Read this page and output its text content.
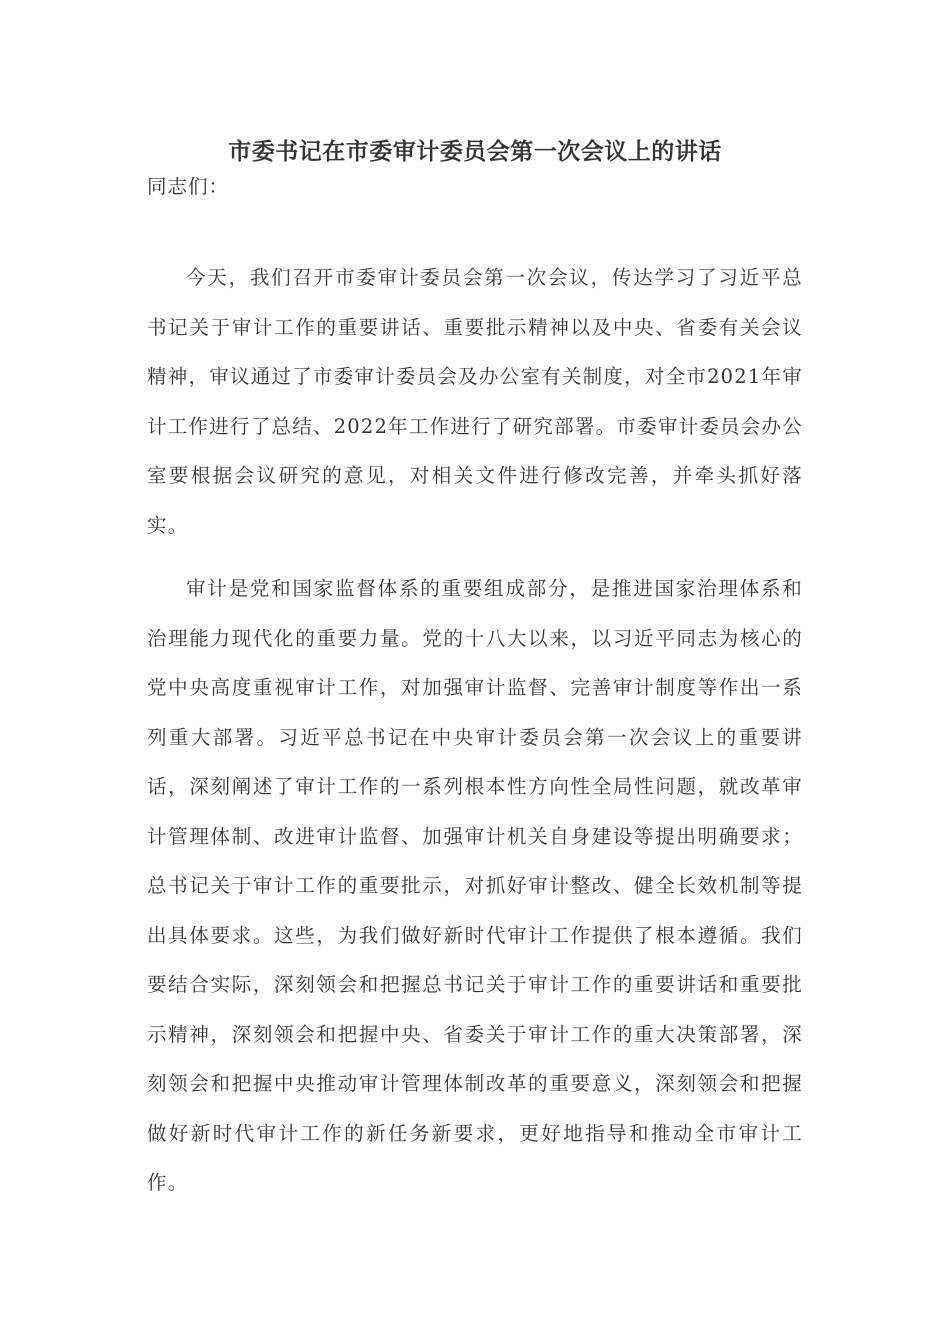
市委书记在市委审计委员会第一次会议上的讲话
同志们：

今天，我们召开市委审计委员会第一次会议，传达学习了习近平总书记关于审计工作的重要讲话、重要批示精神以及中央、省委有关会议精神，审议通过了市委审计委员会及办公室有关制度，对全市2021年审计工作进行了总结、2022年工作进行了研究部署。市委审计委员会办公室要根据会议研究的意见，对相关文件进行修改完善，并牵头抓好落实。

审计是党和国家监督体系的重要组成部分，是推进国家治理体系和治理能力现代化的重要力量。党的十八大以来，以习近平同志为核心的党中央高度重视审计工作，对加强审计监督、完善审计制度等作出一系列重大部署。习近平总书记在中央审计委员会第一次会议上的重要讲话，深刻阐述了审计工作的一系列根本性方向性全局性问题，就改革审计管理体制、改进审计监督、加强审计机关自身建设等提出明确要求；总书记关于审计工作的重要批示，对抓好审计整改、健全长效机制等提出具体要求。这些，为我们做好新时代审计工作提供了根本遵循。我们要结合实际，深刻领会和把握总书记关于审计工作的重要讲话和重要批示精神，深刻领会和把握中央、省委关于审计工作的重大决策部署，深刻领会和把握中央推动审计管理体制改革的重要意义，深刻领会和把握做好新时代审计工作的新任务新要求，更好地指导和推动全市审计工作。
